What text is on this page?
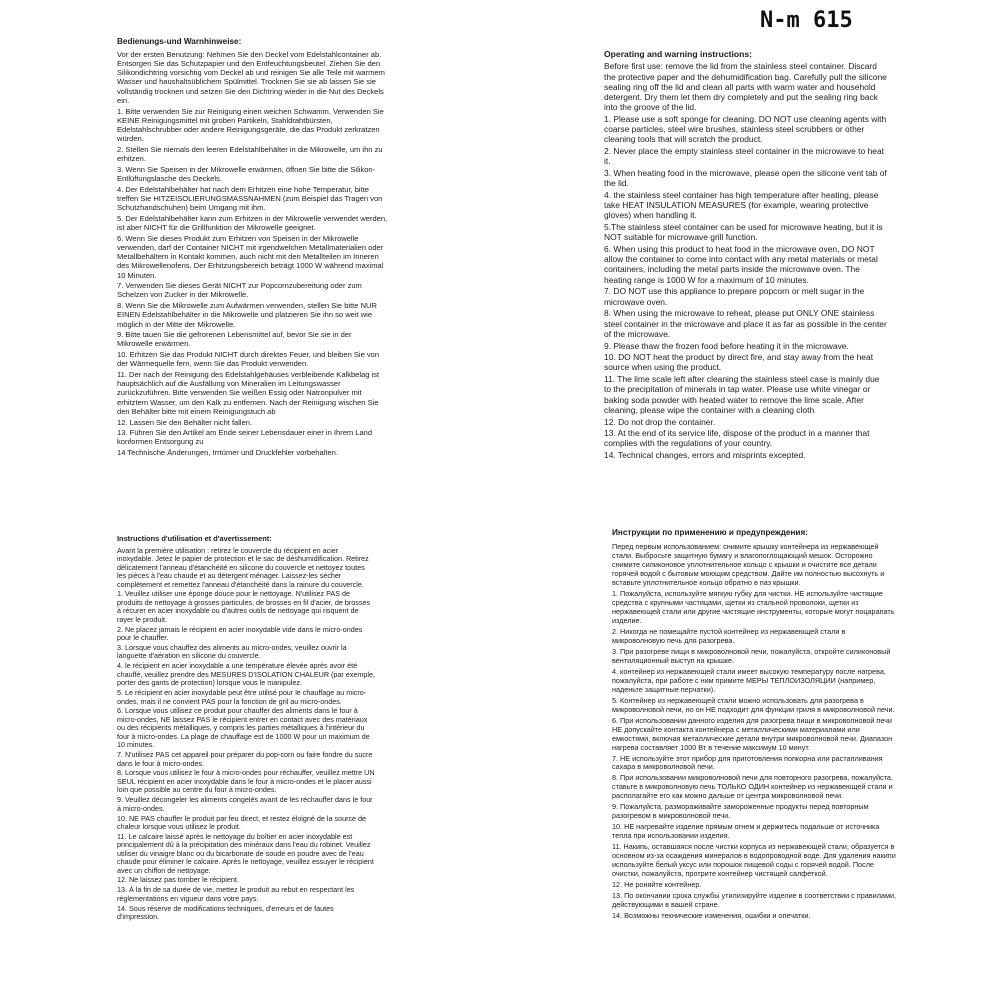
N-m 615
Bedienungs-und Warnhinweise:

Vor der ersten Benutzung: Nehmen Sie den Deckel vom Edelstahlcontainer ab. Entsorgen Sie das Schutzpapier und den Entfeuchtungsbeutel. Ziehen Sie den Silikondichtring vorsichtig vom Deckel ab und reinigen Sie alle Teile mit warmem Wasser und haushaltsüblichem Spülmittel. Trocknen Sie sie ab lassen Sie sie vollständig trocknen und setzen Sie den Dichtring wieder in die Nut des Deckels ein.

1. Bitte verwenden Sie zur Reinigung einen weichen Schwamm. Verwenden Sie KEINE Reinigungsmittel mit groben Partikeln, Stahldrahtbürsten, Edelstahlschrubber oder andere Reinigungsgeräte, die das Produkt zerkratzen würden.

2. Stellen Sie niemals den leeren Edelstahlbehälter in die Mikrowelle, um ihn zu erhitzen.

3. Wenn Sie Speisen in der Mikrowelle erwärmen, öffnen Sie bitte die Silikon- Entlüftungslasche des Deckels.

4. Der Edelstahlbehälter hat nach dem Erhitzen eine hohe Temperatur, bitte treffen Sie HITZEISOLIERUNGSMASSNAHMEN (zum Beispiel das Tragen von Schutzhandschuhen) beim Umgang mit ihm.

5. Der Edelstahlbehälter kann zum Erhitzen in der Mikrowelle verwendet werden, ist aber NICHT für die Grillfunktion der Mikrowelle geeignet.

6. Wenn Sie dieses Produkt zum Erhitzen von Speisen in der Mikrowelle verwenden, darf der Container NICHT mit irgendwelchen Metallmaterialien oder Metallbehältern in Kontakt kommen, auch nicht mit den Metallteilen im Inneren des Mikrowellenofens. Der Erhitzungsbereich beträgt 1000 W während maximal 10 Minuten.

7. Verwenden Sie dieses Gerät NICHT zur Popcornzubereitung oder zum Schelzen von Zucker in der Mikrowelle.

8. Wenn Sie die Mikrowelle zum Aufwärmen verwenden, stellen Sie bitte NUR EINEN Edelstahlbehälter in die Mikrowelle und platzieren Sie ihn so weit wie möglich in der Mitte der Mikrowelle.

9. Bitte tauen Sie die gefrorenen Lebensmittel auf, bevor Sie sie in der Mikrowelle erwärmen.

10. Erhitzen Sie das Produkt NICHT durch direktes Feuer, und bleiben Sie von der Wärmequelle fern, wenn Sie das Produkt verwenden.

11. Der nach der Reinigung des Edelstahlgehäuses verbleibende Kalkbelag ist hauptsächlich auf die Ausfällung von Mineralien im Leitungswasser zurückzuführen. Bitte verwenden Sie weißen Essig oder Natronpulver mit erhitztem Wasser, um den Kalk zu entfernen. Nach der Reinigung wischen Sie den Behälter bitte mit einem Reinigungstuch ab

12. Lassen Sie den Behälter nicht fallen.

13. Führen Sie den Artikel am Ende seiner Lebensdauer einer in Ihrem Land konformen Entsorgung zu

14 Technische Änderungen, Irrtümer und Druckfehler vorbehalten.

Operating and warning instructions:

Before first use: remove the lid from the stainless steel container. Discard the protective paper and the dehumidification bag. Carefully pull the silicone sealing ring off the lid and clean all parts with warm water and household detergent. Dry them let them dry completely and put the sealing ring back into the groove of the lid.

1. Please use a soft sponge for cleaning. DO NOT use cleaning agents with coarse particles, steel wire brushes, stainless steel scrubbers or other cleaning tools that will scratch the product.

2. Never place the empty stainless steel container in the microwave to heat it.

3. When heating food in the microwave, please open the silicone vent tab of the lid.

4. the stainless steel container has high temperature after heating, please take HEAT INSULATION MEASURES (for example, wearing protective gloves) when handling it.

5.The stainless steel container can be used for microwave heating, but it is NOT suitable for microwave grill function.

6. When using this product to heat food in the microwave oven, DO NOT allow the container to come into contact with any metal materials or metal containers, including the metal parts inside the microwave oven. The heating range is 1000 W for a maximum of 10 minutes.

7. DO NOT use this appliance to prepare popcorn or melt sugar in the microwave oven.

8. When using the microwave to reheat, please put ONLY ONE stainless steel container in the microwave and place it as far as possible in the center of the microwave.

9. Please thaw the frozen food before heating it in the microwave.

10. DO NOT heat the product by direct fire, and stay away from the heat source when using the product.

11. The lime scale left after cleaning the stainless steel case is mainly due to the precipitation of minerals in tap water. Please use white vinegar or baking soda powder with heated water to remove the lime scale. After cleaning, please wipe the container with a cleaning cloth

12. Do not drop the container.

13. At the end of its service life, dispose of the product in a manner that complies with the regulations of your country.

14. Technical changes, errors and misprints excepted.

Instructions d'utilisation et d'avertissement:

Avant la première utilisation : retirez le couvercle du récipient en acier inoxydable. Jetez le papier de protection et le sac de déshumidification. Retirez délicatement l'anneau d'étanchéité en silicone du couvercle et nettoyez toutes les pièces à l'eau chaude et au détergent ménager. Laissez-les sécher complètement et remettez l'anneau d'étanchéité dans la rainure du couvercle.

1. Veuillez utiliser une éponge douce pour le nettoyage. N'utilisez PAS de produits de nettoyage à grosses particules, de brosses en fil d'acier, de brosses à récurer en acier inoxydable ou d'autres outils de nettoyage qui risquent de rayer le produit.

2. Ne placez jamais le récipient en acier inoxydable vide dans le micro-ondes pour le chauffer.

3. Lorsque vous chauffez des aliments au micro-ondes, veuillez ouvrir la languette d'aération en silicone du couvercle.

4. le récipient en acier inoxydable a une température élevée après avoir été chauffé, veuillez prendre des MESURES D'ISOLATION CHALEUR (par exemple, porter des gants de protection) lorsque vous le manipulez.

5. Le récipient en acier inoxydable peut être utilisé pour le chauffage au micro-ondes, mais il ne convient PAS pour la fonction de gril au micro-ondes.

6. Lorsque vous utilisez ce produit pour chauffer des aliments dans le four à micro-ondes, NE laissez PAS le récipient entrer en contact avec des matériaux ou des récipients métalliques, y compris les parties métalliques à l'intérieur du four à micro-ondes. La plage de chauffage est de 1000 W pour un maximum de 10 minutes.

7. N'utilisez PAS cet appareil pour préparer du pop-corn ou faire fondre du sucre dans le four à micro-ondes.

8. Lorsque vous utilisez le four à micro-ondes pour réchauffer, veuillez mettre UN SEUL récipient en acier inoxydable dans le four à micro-ondes et le placer aussi loin que possible au centre du four à micro-ondes.

9. Veuillez décongeler les aliments congelés avant de les réchauffer dans le four à micro-ondes.

10. NE PAS chauffer le produit par feu direct, et restez éloigné de la source de chaleur lorsque vous utilisez le produit.

11. Le calcaire laissé après le nettoyage du boîtier en acier inoxydable est principalement dû à la précipitation des minéraux dans l'eau du robinet. Veuillez utiliser du vinaigre blanc ou du bicarbonate de soude en poudre avec de l'eau chaude pour éliminer le calcaire. Après le nettoyage, veuillez essuyer le récipient avec un chiffon de nettoyage.

12. Ne laissez pas tomber le récipient.

13. À la fin de sa durée de vie, mettez le produit au rebut en respectant les réglementations en vigueur dans votre pays.

14. Sous réserve de modifications techniques, d'erreurs et de fautes d'impression.

Инструкции по применению и предупреждения:

Перед первым использованием: снимите крышку контейнера из нержавеющей стали. Выбросьте защитную бумагу и влагопоглощающий мешок. Осторожно снимите силиконовое уплотнительное кольцо с крышки и очистите все детали горячей водой с бытовым моющим средством. Дайте им полностью высохнуть и вставьте уплотнительное кольцо обратно в паз крышки.

1. Пожалуйста, используйте мягкую губку для чистки. НЕ используйте чистящие средства с крупными частицами, щетки из стальной проволоки, щетки из нержавеющей стали или другие чистящие инструменты, которые могут поцарапать изделие.

2. Никогда не помещайте пустой контейнер из нержавеющей стали в микроволновую печь для разогрева.

3. При разогреве пищи в микроволновой печи, пожалуйста, откройте силиконовый вентиляционный выступ на крышке.

4. контейнер из нержавеющей стали имеет высокую температуру после нагрева, пожалуйста, при работе с ним примите МЕРЫ ТЕПЛОИЗОЛЯЦИИ (например, наденьте защитные перчатки).

5. Контейнер из нержавеющей стали можно использовать для разогрева в микроволновой печи, но он НЕ подходит для функции гриля в микроволновой печи.

6. При использовании данного изделия для разогрева пищи в микроволновой печи НЕ допускайте контакта контейнера с металлическими материалами или емкостями, включая металлические детали внутри микроволновой печи. Диапазон нагрева составляет 1000 Вт в течение максимум 10 минут.

7. НЕ используйте этот прибор для приготовления попкорна или растапливания сахара в микроволновой печи.

8. При использовании микроволновой печи для повторного разогрева, пожалуйста, ставьте в микроволновую печь ТОЛЬКО ОДИН контейнер из нержавеющей стали и располагайте его как можно дальше от центра микроволновой печи.

9. Пожалуйста, размораживайте замороженные продукты перед повторным разогревом в микроволновой печи.

10. НЕ нагревайте изделие прямым огнем и держитесь подальше от источника тепла при использовании изделия.

11. Накипь, оставшаяся после чистки корпуса из нержавеющей стали, образуется в основном из-за осаждения минералов в водопроводной воде. Для удаления накипи используйте белый уксус или порошок пищевой соды с горячей водой. После очистки, пожалуйста, протрите контейнер чистящей салфеткой.

12. Не роняйте контейнер.

13. По окончании срока службы утилизируйте изделие в соответствии с правилами, действующими в вашей стране.

14. Возможны технические изменения, ошибки и опечатки.
